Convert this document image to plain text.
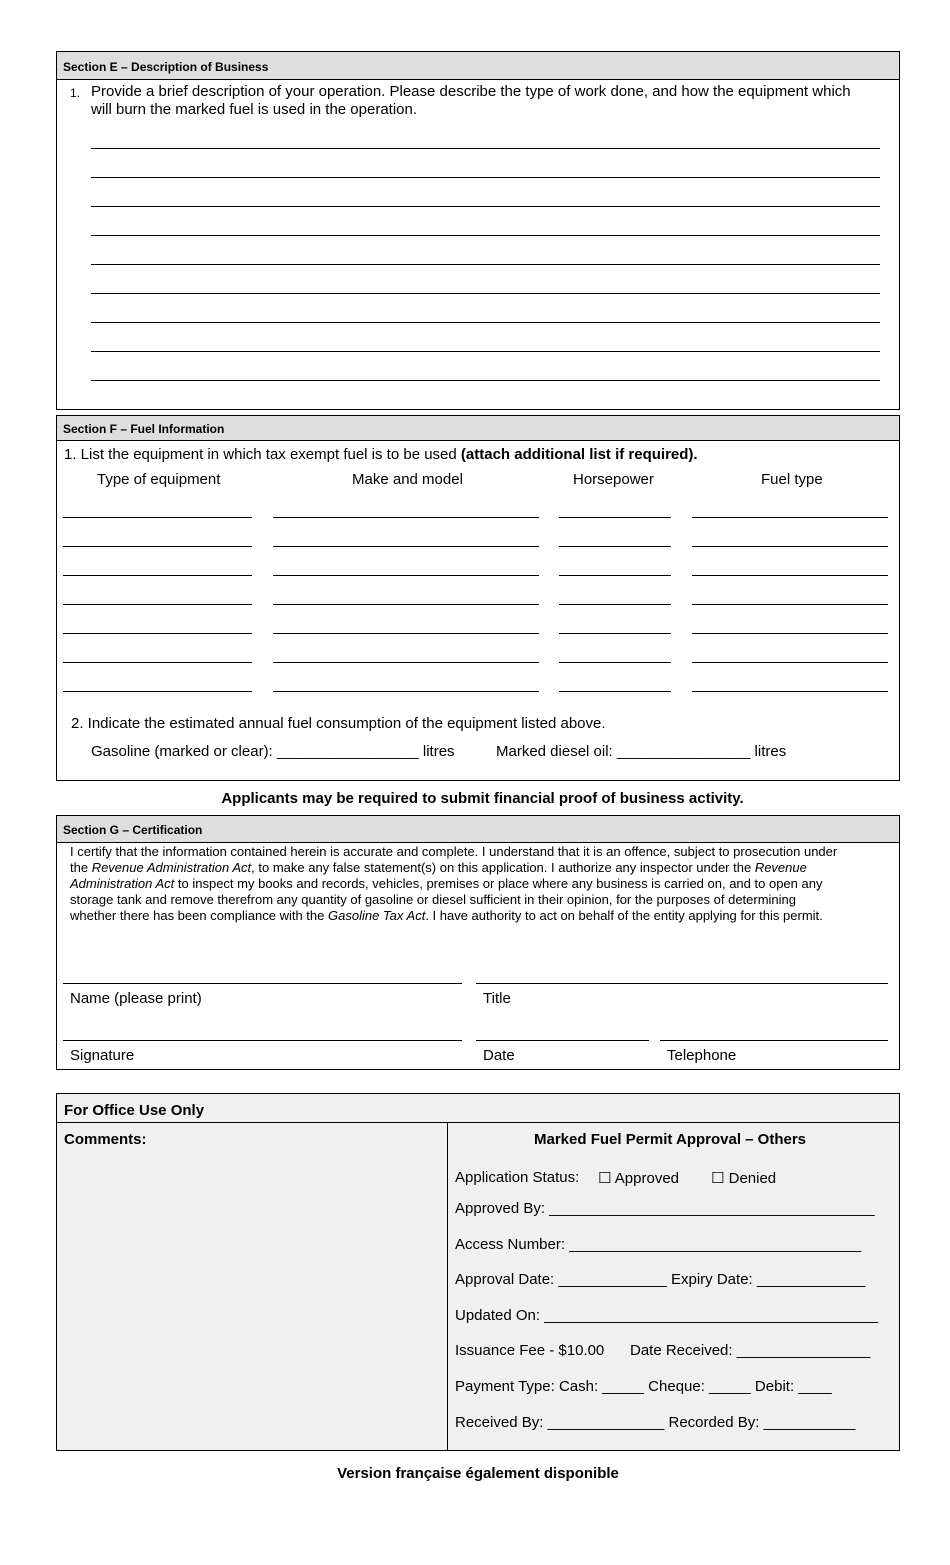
Section E – Description of Business
1. Provide a brief description of your operation. Please describe the type of work done, and how the equipment which
will burn the marked fuel is used in the operation.
Section F – Fuel Information
1. List the equipment in which tax exempt fuel is to be used (attach additional list if required).
Type of equipment	Make and model	Horsepower	Fuel type
2. Indicate the estimated annual fuel consumption of the equipment listed above.
Gasoline (marked or clear): _________________ litres	Marked diesel oil: ________________ litres
Applicants may be required to submit financial proof of business activity.
Section G – Certification
I certify that the information contained herein is accurate and complete. I understand that it is an offence, subject to prosecution under
the Revenue Administration Act, to make any false statement(s) on this application. I authorize any inspector under the Revenue
Administration Act to inspect my books and records, vehicles, premises or place where any business is carried on, and to open any
storage tank and remove therefrom any quantity of gasoline or diesel sufficient in their opinion, for the purposes of determining
whether there has been compliance with the Gasoline Tax Act. I have authority to act on behalf of the entity applying for this permit.
Name (please print)	Title
Signature	Date	Telephone
For Office Use Only
Comments:	Marked Fuel Permit Approval – Others
Application Status: ☐ Approved ☐ Denied
Approved By: _______________________________________
Access Number: ___________________________________
Approval Date: _____________ Expiry Date: _____________
Updated On: ________________________________________
Issuance Fee - $10.00 Date Received: ________________
Payment Type: Cash: _____ Cheque: _____ Debit: ____
Received By: ______________ Recorded By: ___________
Version française également disponible
